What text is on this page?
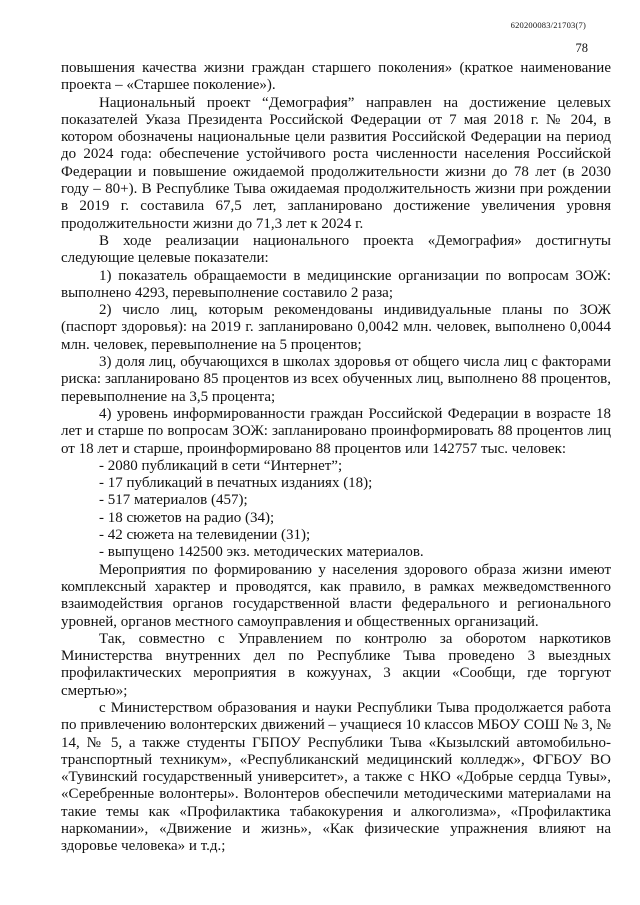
620200083/21703(7)
78

повышения качества жизни граждан старшего поколения» (краткое наименование проекта – «Старшее поколение»).

Национальный проект “Демография” направлен на достижение целевых показателей Указа Президента Российской Федерации от 7 мая 2018 г. № 204, в котором обозначены национальные цели развития Российской Федерации на период до 2024 года: обеспечение устойчивого роста численности населения Российской Федерации и повышение ожидаемой продолжительности жизни до 78 лет (в 2030 году – 80+). В Республике Тыва ожидаемая продолжительность жизни при рождении в 2019 г. составила 67,5 лет, запланировано достижение увеличения уровня продолжительности жизни до 71,3 лет к 2024 г.

В ходе реализации национального проекта «Демография» достигнуты следующие целевые показатели:

1) показатель обращаемости в медицинские организации по вопросам ЗОЖ: выполнено 4293, перевыполнение составило 2 раза;

2) число лиц, которым рекомендованы индивидуальные планы по ЗОЖ (паспорт здоровья): на 2019 г. запланировано 0,0042 млн. человек, выполнено 0,0044 млн. человек, перевыполнение на 5 процентов;

3) доля лиц, обучающихся в школах здоровья от общего числа лиц с факторами риска: запланировано 85 процентов из всех обученных лиц, выполнено 88 процентов, перевыполнение на 3,5 процента;

4) уровень информированности граждан Российской Федерации в возрасте 18 лет и старше по вопросам ЗОЖ: запланировано проинформировать 88 процентов лиц от 18 лет и старше, проинформировано 88 процентов или 142757 тыс. человек:

- 2080 публикаций в сети “Интернет”;

- 17 публикаций в печатных изданиях (18);

- 517 материалов (457);

- 18 сюжетов на радио (34);

- 42 сюжета на телевидении (31);

- выпущено 142500 экз. методических материалов.

Мероприятия по формированию у населения здорового образа жизни имеют комплексный характер и проводятся, как правило, в рамках межведомственного взаимодействия органов государственной власти федерального и регионального уровней, органов местного самоуправления и общественных организаций.

Так, совместно с Управлением по контролю за оборотом наркотиков Министерства внутренних дел по Республике Тыва проведено 3 выездных профилактических мероприятия в кожуунах, 3 акции «Сообщи, где торгуют смертью»;

с Министерством образования и науки Республики Тыва продолжается работа по привлечению волонтерских движений – учащиеся 10 классов МБОУ СОШ № 3, № 14, № 5, а также студенты ГБПОУ Республики Тыва «Кызылский автомобильно-транспортный техникум», «Республиканский медицинский колледж», ФГБОУ ВО «Тувинский государственный университет», а также с НКО «Добрые сердца Тувы», «Серебренные волонтеры». Волонтеров обеспечили методическими материалами на такие темы как «Профилактика табакокурения и алкоголизма», «Профилактика наркомании», «Движение и жизнь», «Как физические упражнения влияют на здоровье человека» и т.д.;
